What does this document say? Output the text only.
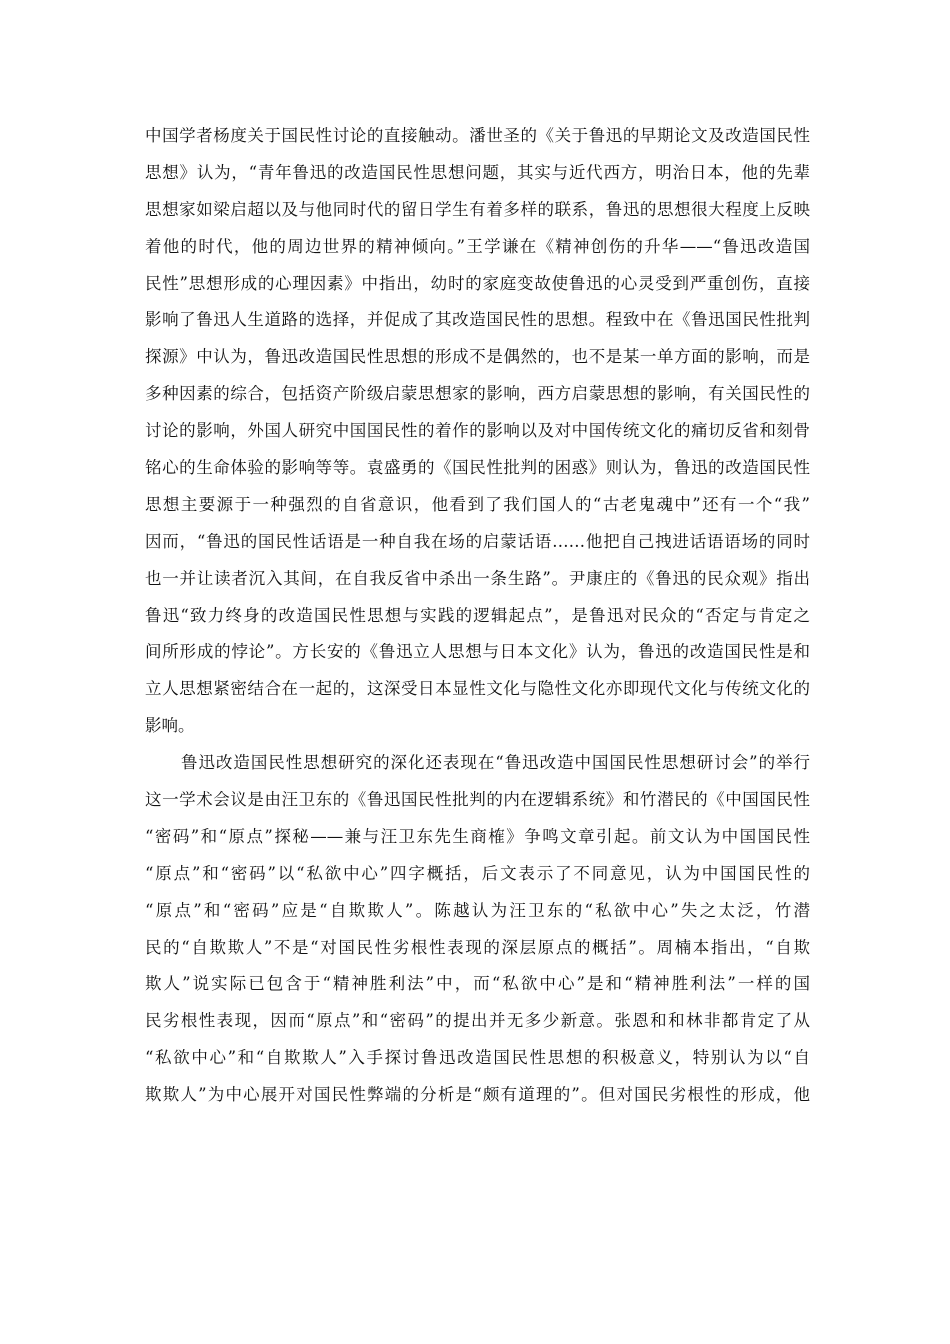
中国学者杨度关于国民性讨论的直接触动。潘世圣的《关于鲁迅的早期论文及改造国民性
思想》认为，“青年鲁迅的改造国民性思想问题，其实与近代西方，明治日本，他的先辈
思想家如梁启超以及与他同时代的留日学生有着多样的联系，鲁迅的思想很大程度上反映
着他的时代，他的周边世界的精神倾向。”王学谦在《精神创伤的升华——“鲁迅改造国
民性”思想形成的心理因素》中指出，幼时的家庭变故使鲁迅的心灵受到严重创伤，直接
影响了鲁迅人生道路的选择，并促成了其改造国民性的思想。程致中在《鲁迅国民性批判
探源》中认为，鲁迅改造国民性思想的形成不是偶然的，也不是某一单方面的影响，而是
多种因素的综合，包括资产阶级启蒙思想家的影响，西方启蒙思想的影响，有关国民性的
讨论的影响，外国人研究中国国民性的着作的影响以及对中国传统文化的痛切反省和刻骨
铭心的生命体验的影响等等。袁盛勇的《国民性批判的困惑》则认为，鲁迅的改造国民性
思想主要源于一种强烈的自省意识，他看到了我们国人的“古老鬼魂中”还有一个“我”
因而，“鲁迅的国民性话语是一种自我在场的启蒙话语……他把自己拽进话语语场的同时
也一并让读者沉入其间，在自我反省中杀出一条生路”。尹康庄的《鲁迅的民众观》指出
鲁迅“致力终身的改造国民性思想与实践的逻辑起点”，是鲁迅对民众的“否定与肯定之
间所形成的悖论”。方长安的《鲁迅立人思想与日本文化》认为，鲁迅的改造国民性是和
立人思想紧密结合在一起的，这深受日本显性文化与隐性文化亦即现代文化与传统文化的
影响。
鲁迅改造国民性思想研究的深化还表现在“鲁迅改造中国国民性思想研讨会”的举行
这一学术会议是由汪卫东的《鲁迅国民性批判的内在逻辑系统》和竹潜民的《中国国民性
“密码”和“原点”探秘——兼与汪卫东先生商榷》争鸣文章引起。前文认为中国国民性
“原点”和“密码”以“私欲中心”四字概括，后文表示了不同意见，认为中国国民性的
“原点”和“密码”应是“自欺欺人”。陈越认为汪卫东的“私欲中心”失之太泛，竹潜
民的“自欺欺人”不是“对国民性劣根性表现的深层原点的概括”。周楠本指出，“自欺
欺人”说实际已包含于“精神胜利法”中，而“私欲中心”是和“精神胜利法”一样的国
民劣根性表现，因而“原点”和“密码”的提出并无多少新意。张恩和和林非都肯定了从
“私欲中心”和“自欺欺人”入手探讨鲁迅改造国民性思想的积极意义，特别认为以“自
欺欺人”为中心展开对国民性弊端的分析是“颇有道理的”。但对国民劣根性的形成，他
